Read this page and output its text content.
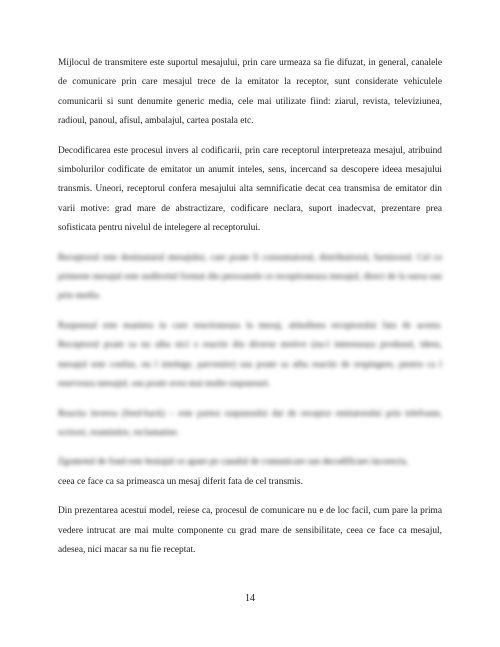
Mijlocul de transmitere este suportul mesajului, prin care urmeaza sa fie difuzat, in general, canalele de comunicare prin care mesajul trece de la emitator la receptor, sunt considerate vehiculele comunicarii si sunt denumite generic media, cele mai utilizate fiind: ziarul, revista, televiziunea, radioul, panoul, afisul, ambalajul, cartea postala etc.

Decodificarea este procesul invers al codificarii, prin care receptorul interpreteaza mesajul, atribuind simbolurilor codificate de emitator un anumit inteles, sens, incercand sa descopere ideea mesajului transmis. Uneori, receptorul confera mesajului alta semnificatie decat cea transmisa de emitator din varii motive: grad mare de abstractizare, codificare neclara, suport inadecvat, prezentare prea sofisticata pentru nivelul de intelegere al receptorului.

Receptorul este destinatarul mesajului, care poate fi consumatorul, distribuitorul, furnizorul. Cel ce primeste mesajul este auditoriul format din persoanele ce receptioneaza mesajul, direct de la sursa sau prin media.

Raspunsul este maniera in care reactioneaza la mesaj, atitudinea receptorului fata de acesta. Receptorul poate sa nu aiba nici o reactie din diverse motive (nu-l intereseaza produsul, ideea, mesajul este confuz, nu l intelege, parvenire) sau poate sa aiba reactie de respingere, pentru ca l enerveaza mesajul, sau poate avea mai multe raspunsuri.

Reactia inversa (feed-back) – este partea raspunsului dat de receptor emitatorului prin telefoane, scrisori, reamintire, reclamatiee.

Zgomotul de fond este bruiajul ce apare pe canalul de comunicare sau decodificare incorecta,
ceea ce face ca sa primeasca un mesaj diferit fata de cel transmis.

Din prezentarea acestui model, reiese ca, procesul de comunicare nu e de loc facil, cum pare la prima vedere intrucat are mai multe componente cu grad mare de sensibilitate, ceea ce face ca mesajul, adesea, nici macar sa nu fie receptat.

14
